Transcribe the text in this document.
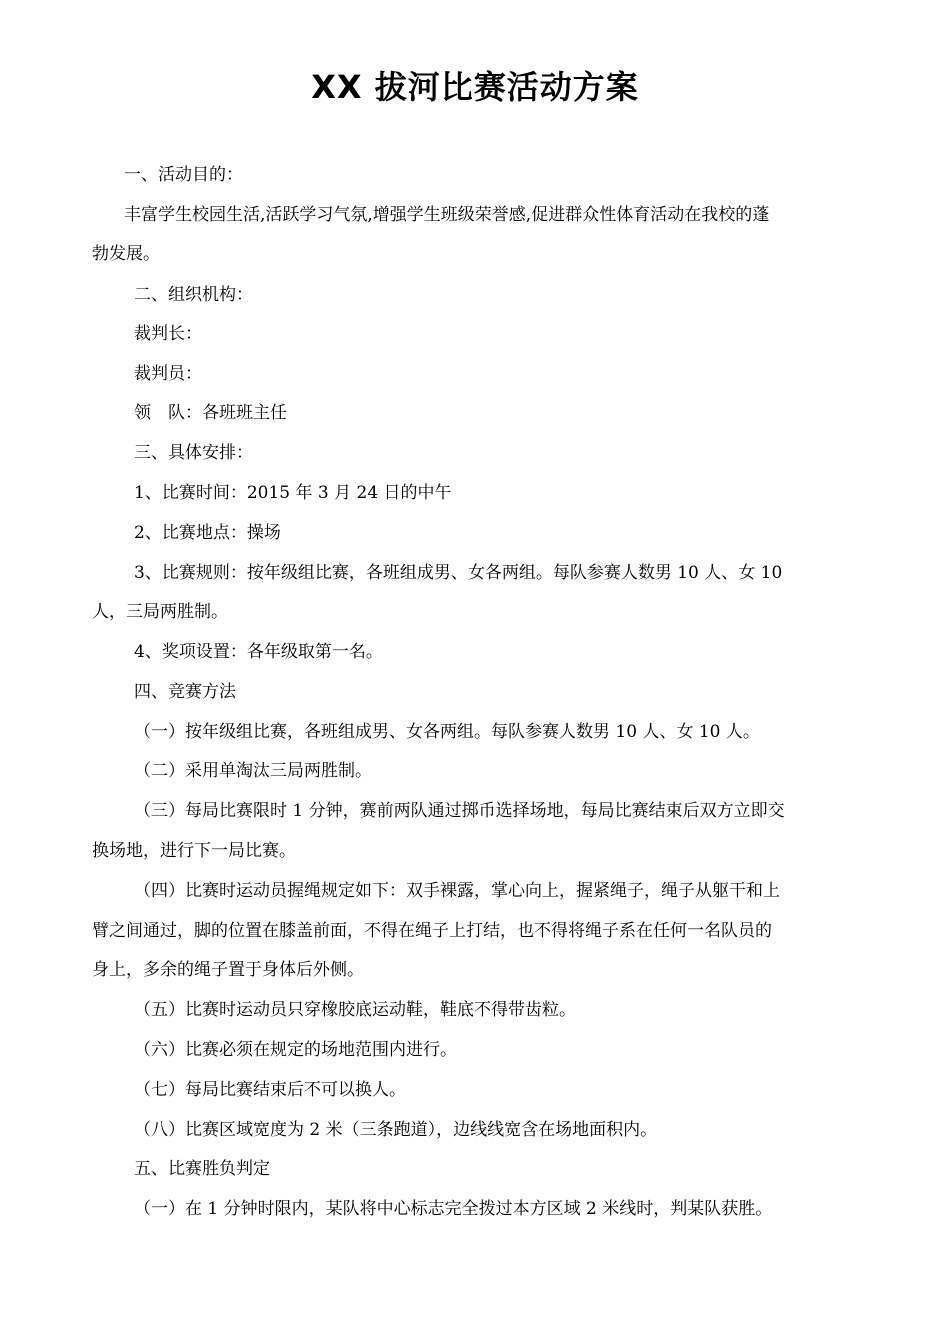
XX 拔河比赛活动方案
一、活动目的：
丰富学生校园生活,活跃学习气氛,增强学生班级荣誉感,促进群众性体育活动在我校的蓬
勃发展。
二、组织机构：
裁判长：
裁判员：
领　队：各班班主任
三、具体安排：
1、比赛时间：2015 年 3 月 24 日的中午
2、比赛地点：操场
3、比赛规则：按年级组比赛，各班组成男、女各两组。每队参赛人数男 10 人、女 10
人，三局两胜制。
4、奖项设置：各年级取第一名。
四、竞赛方法
（一）按年级组比赛，各班组成男、女各两组。每队参赛人数男 10 人、女 10 人。
（二）采用单淘汰三局两胜制。
（三）每局比赛限时 1 分钟，赛前两队通过掷币选择场地，每局比赛结束后双方立即交
换场地，进行下一局比赛。
（四）比赛时运动员握绳规定如下：双手裸露，掌心向上，握紧绳子，绳子从躯干和上
臂之间通过，脚的位置在膝盖前面，不得在绳子上打结，也不得将绳子系在任何一名队员的
身上，多余的绳子置于身体后外侧。
（五）比赛时运动员只穿橡胶底运动鞋，鞋底不得带齿粒。
（六）比赛必须在规定的场地范围内进行。
（七）每局比赛结束后不可以换人。
（八）比赛区域宽度为 2 米（三条跑道），边线线宽含在场地面积内。
五、比赛胜负判定
（一）在 1 分钟时限内，某队将中心标志完全拨过本方区域 2 米线时，判某队获胜。
